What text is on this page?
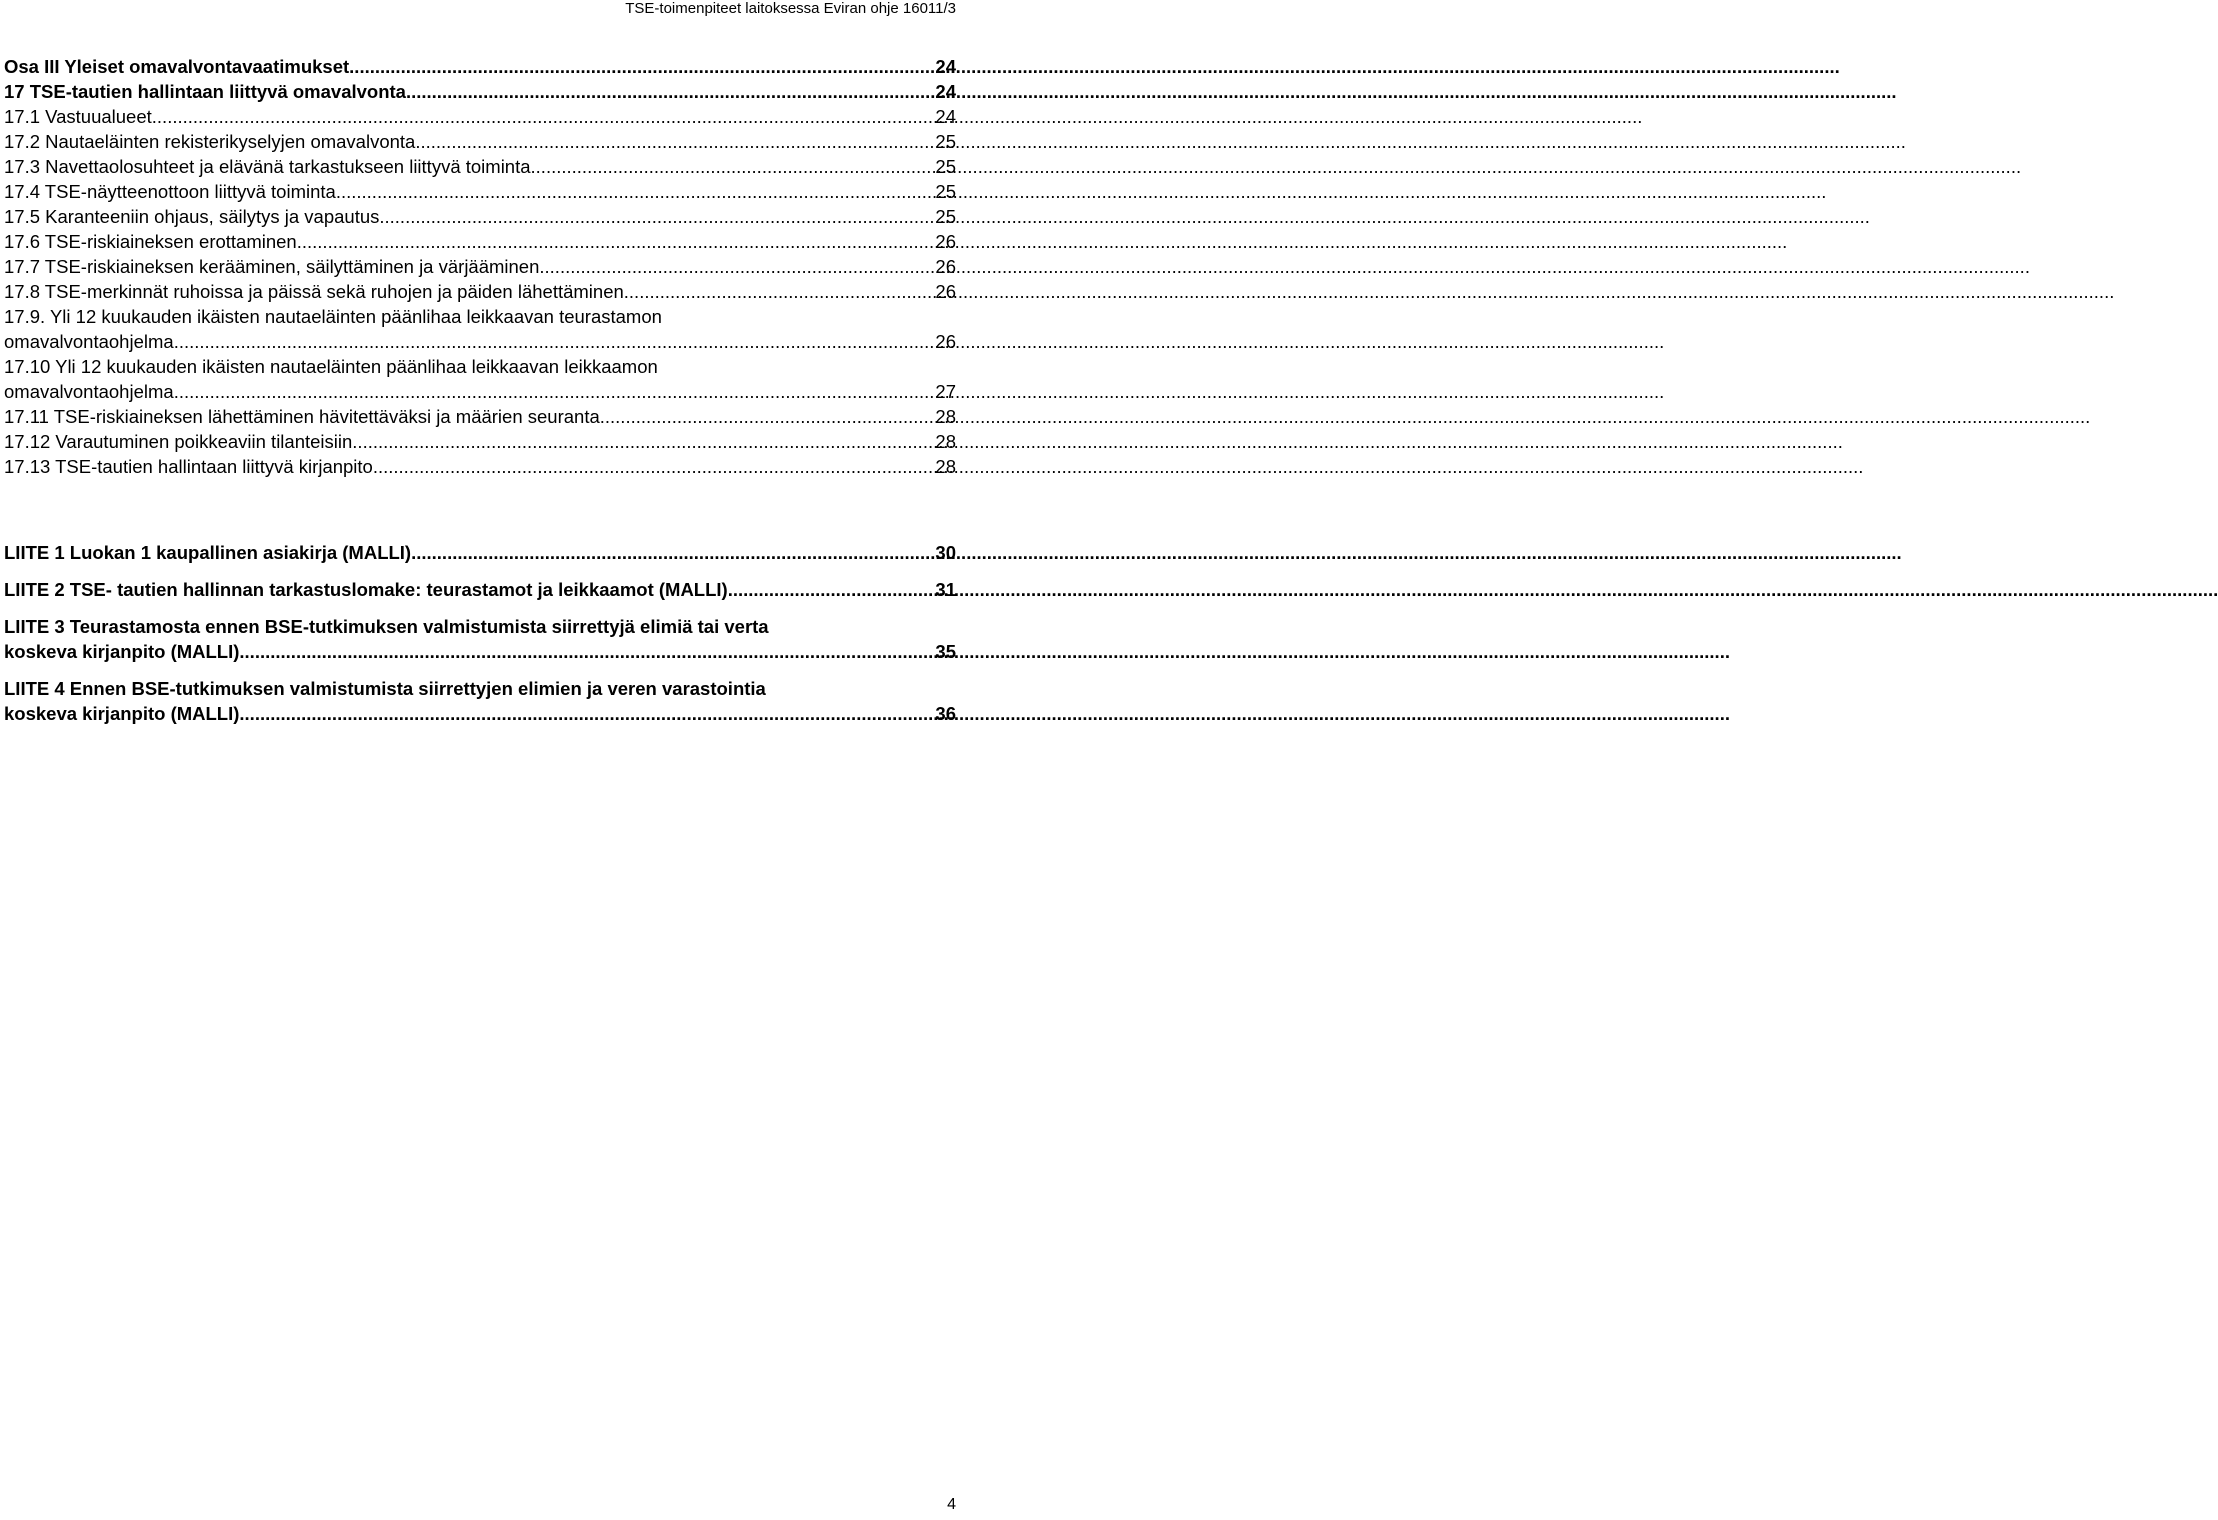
TSE-toimenpiteet laitoksessa Eviran ohje 16011/3
Osa III Yleiset omavalvontavaatimukset .....	24
17 TSE-tautien hallintaan liittyvä omavalvonta .....	24
17.1 Vastuualueet .....	24
17.2 Nautaeläinten rekisterikyselyjen omavalvonta .....	25
17.3 Navettaolosuhteet ja elävänä tarkastukseen liittyvä toiminta .....	25
17.4 TSE-näytteenottoon liittyvä toiminta .....	25
17.5 Karanteeniin ohjaus, säilytys ja vapautus .....	25
17.6 TSE-riskiaineksen erottaminen .....	26
17.7 TSE-riskiaineksen kerääminen, säilyttäminen ja värjääminen .....	26
17.8 TSE-merkinnät ruhoissa ja päissä sekä ruhojen ja päiden lähettäminen .....	26
17.9. Yli 12 kuukauden ikäisten nautaeläinten päänlihaa leikkaavan teurastamon
omavalvontaohjelma .....	26
17.10 Yli 12 kuukauden ikäisten nautaeläinten päänlihaa leikkaavan leikkaamon
omavalvontaohjelma .....	27
17.11 TSE-riskiaineksen lähettäminen hävitettäväksi ja määrien seuranta .....	28
17.12 Varautuminen poikkeaviin tilanteisiin .....	28
17.13 TSE-tautien hallintaan liittyvä kirjanpito .....	28
LIITE 1 Luokan 1 kaupallinen asiakirja (MALLI) .....	30
LIITE 2 TSE- tautien hallinnan tarkastuslomake: teurastamot ja leikkaamot (MALLI) .....	31
LIITE 3 Teurastamosta ennen BSE-tutkimuksen valmistumista siirrettyjä elimiä tai verta
koskeva kirjanpito (MALLI) .....	35
LIITE 4 Ennen BSE-tutkimuksen valmistumista siirrettyjen elimien ja veren varastointia
koskeva kirjanpito (MALLI) .....	36
4
